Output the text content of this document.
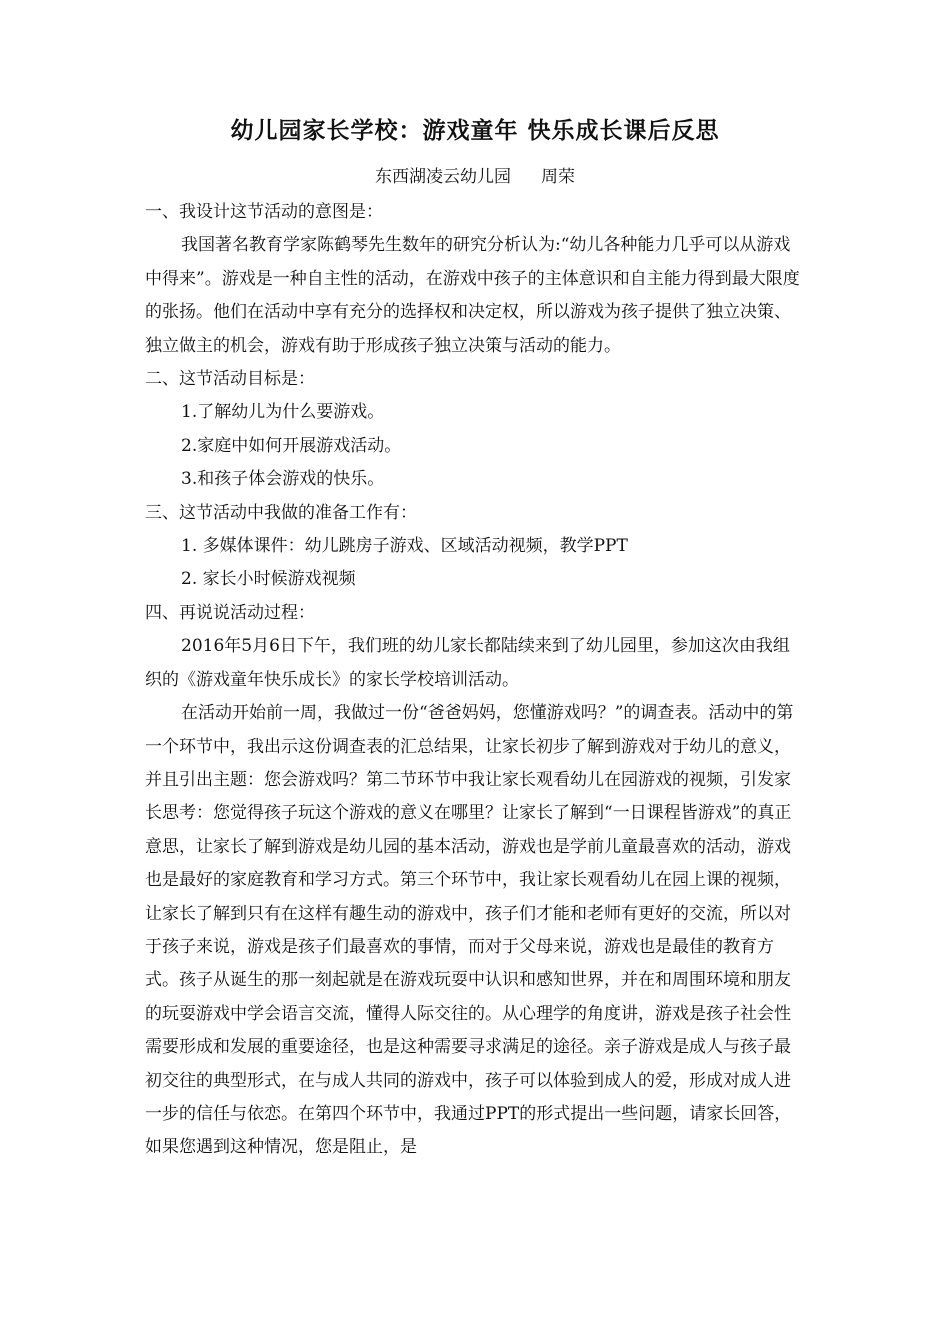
幼儿园家长学校：游戏童年 快乐成长课后反思
东西湖凌云幼儿园 周荣

一、我设计这节活动的意图是：

我国著名教育学家陈鹤琴先生数年的研究分析认为:“幼儿各种能力几乎可以从游戏中得来”。游戏是一种自主性的活动，在游戏中孩子的主体意识和自主能力得到最大限度的张扬。他们在活动中享有充分的选择权和决定权，所以游戏为孩子提供了独立决策、独立做主的机会，游戏有助于形成孩子独立决策与活动的能力。

二、这节活动目标是：

1.了解幼儿为什么要游戏。

2.家庭中如何开展游戏活动。

3.和孩子体会游戏的快乐。

三、这节活动中我做的准备工作有：

1. 多媒体课件：幼儿跳房子游戏、区域活动视频，教学PPT

2. 家长小时候游戏视频

四、再说说活动过程：

2016年5月6日下午，我们班的幼儿家长都陆续来到了幼儿园里，参加这次由我组织的《游戏童年快乐成长》的家长学校培训活动。

在活动开始前一周，我做过一份“爸爸妈妈，您懂游戏吗？”的调查表。活动中的第一个环节中，我出示这份调查表的汇总结果，让家长初步了解到游戏对于幼儿的意义，并且引出主题：您会游戏吗？第二节环节中我让家长观看幼儿在园游戏的视频，引发家长思考：您觉得孩子玩这个游戏的意义在哪里？让家长了解到“一日课程皆游戏”的真正意思，让家长了解到游戏是幼儿园的基本活动，游戏也是学前儿童最喜欢的活动，游戏也是最好的家庭教育和学习方式。第三个环节中，我让家长观看幼儿在园上课的视频，让家长了解到只有在这样有趣生动的游戏中，孩子们才能和老师有更好的交流，所以对于孩子来说，游戏是孩子们最喜欢的事情，而对于父母来说，游戏也是最佳的教育方式。孩子从诞生的那一刻起就是在游戏玩耍中认识和感知世界，并在和周围环境和朋友的玩耍游戏中学会语言交流，懂得人际交往的。从心理学的角度讲，游戏是孩子社会性需要形成和发展的重要途径，也是这种需要寻求满足的途径。亲子游戏是成人与孩子最初交往的典型形式，在与成人共同的游戏中，孩子可以体验到成人的爱，形成对成人进一步的信任与依恋。在第四个环节中，我通过PPT的形式提出一些问题，请家长回答，如果您遇到这种情况，您是阻止，是
